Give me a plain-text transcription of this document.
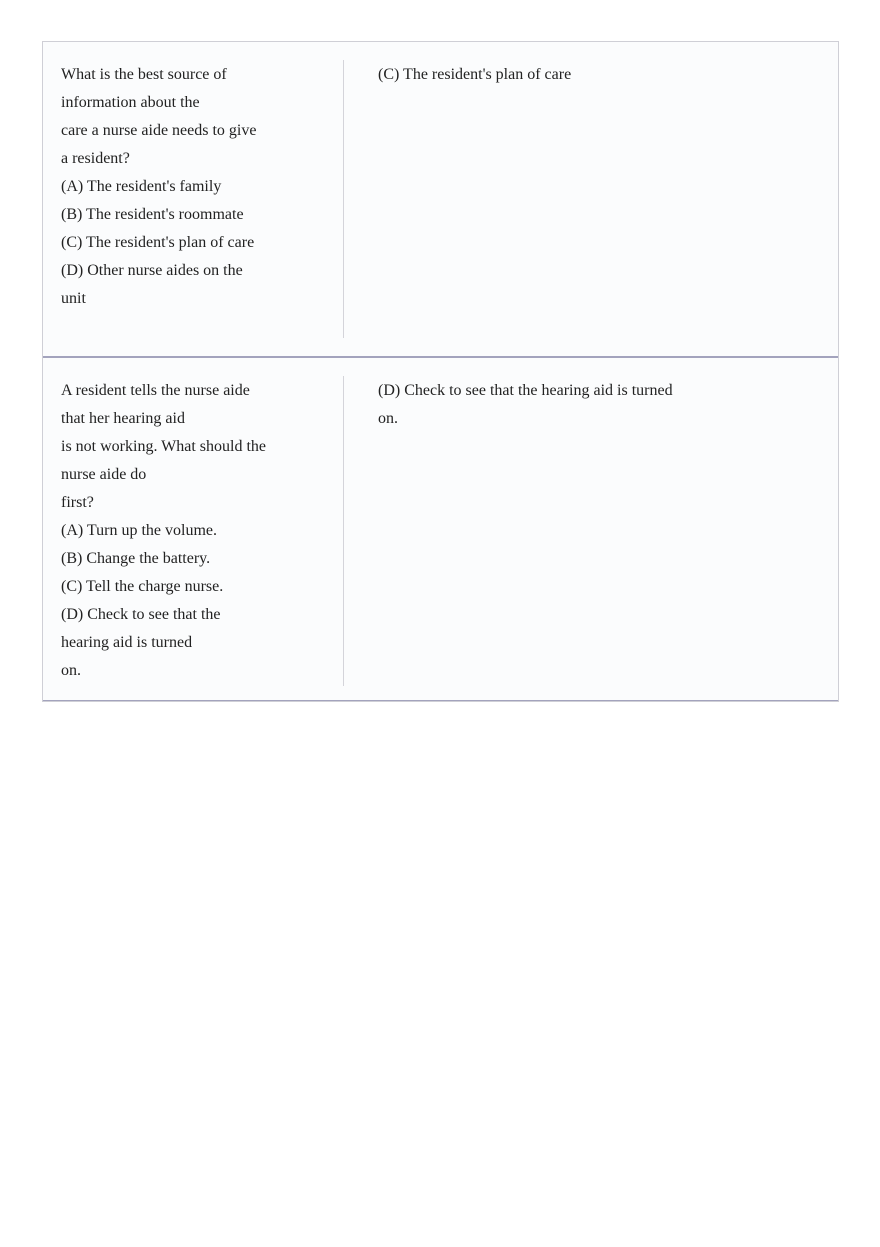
What is the best source of
information about the
care a nurse aide needs to give
a resident?
(A) The resident's family
(B) The resident's roommate
(C) The resident's plan of care
(D) Other nurse aides on the
unit
(C) The resident's plan of care
A resident tells the nurse aide
that her hearing aid
is not working. What should the
nurse aide do
first?
(A) Turn up the volume.
(B) Change the battery.
(C) Tell the charge nurse.
(D) Check to see that the
hearing aid is turned
on.
(D) Check to see that the hearing aid is turned
on.
